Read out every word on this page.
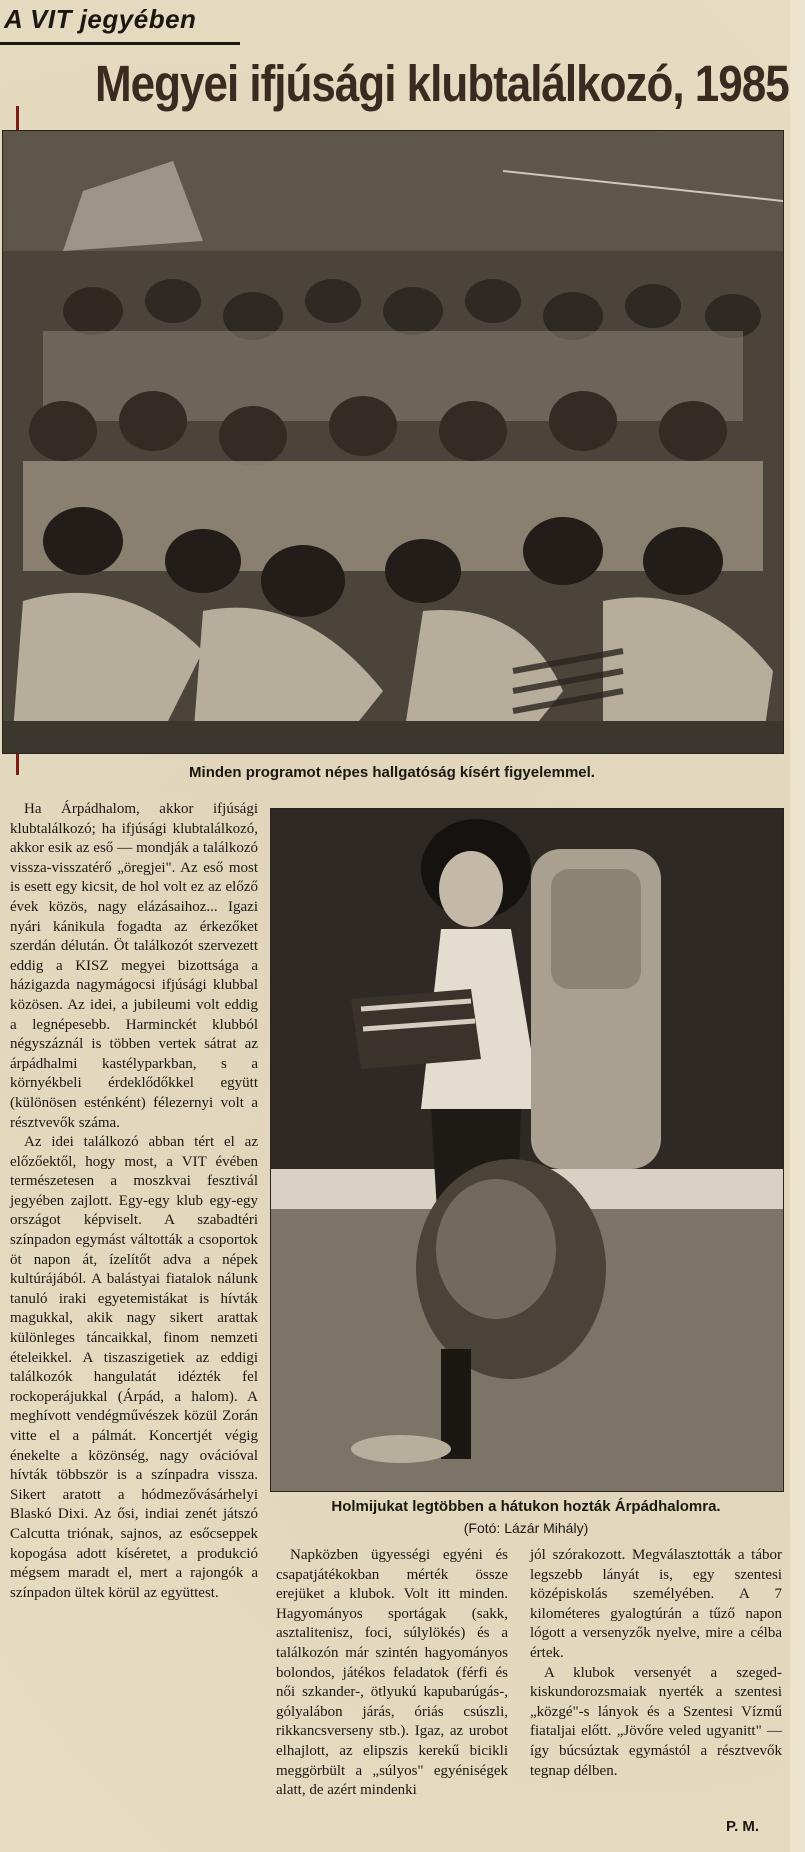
A VIT jegyében
Megyei ifjúsági klubtalálkozó, 1985
Minden programot népes hallgatóság kísért figyelemmel.

Ha Árpádhalom, akkor ifjúsági klubtalálkozó; ha ifjúsági klubtalálkozó, akkor esik az eső — mondják a találkozó vissza-visszatérő „öregjei". Az eső most is esett egy kicsit, de hol volt ez az előző évek közös, nagy elázásaihoz... Igazi nyári kánikula fogadta az érkezőket szerdán délután. Öt találkozót szervezett eddig a KISZ megyei bizottsága a házigazda nagymágocsi ifjúsági klubbal közösen. Az idei, a jubileumi volt eddig a legnépesebb. Harminckét klubból négyszáznál is többen vertek sátrat az árpádhalmi kastélyparkban, s a környékbeli érdeklődőkkel együtt (különösen esténként) félezernyi volt a résztvevők száma.

Az idei találkozó abban tért el az előzőektől, hogy most, a VIT évében természetesen a moszkvai fesztivál jegyében zajlott. Egy-egy klub egy-egy országot képviselt. A szabadtéri színpadon egymást váltották a csoportok öt napon át, ízelítőt adva a népek kultúrájából. A balástyai fiatalok nálunk tanuló iraki egyetemistákat is hívták magukkal, akik nagy sikert arattak különleges táncaikkal, finom nemzeti ételeikkel. A tiszaszigetiek az eddigi találkozók hangulatát idézték fel rockoperájukkal (Árpád, a halom). A meghívott vendégművészek közül Zorán vitte el a pálmát. Koncertjét végig énekelte a közönség, nagy ovációval hívták többször is a színpadra vissza. Sikert aratott a hódmezővásárhelyi Blaskó Dixi. Az ősi, indiai zenét játszó Calcutta triónak, sajnos, az esőcseppek kopogása adott kíséretet, a produkció mégsem maradt el, mert a rajongók a színpadon ültek körül az együttest.

Holmijukat legtöbben a hátukon hozták Árpádhalomra.
(Fotó: Lázár Mihály)

Napközben ügyességi egyéni és csapatjátékokban mérték össze erejüket a klubok. Volt itt minden. Hagyományos sportágak (sakk, asztalitenisz, foci, súlylökés) és a találkozón már szintén hagyományos bolondos, játékos feladatok (férfi és női szkander-, ötlyukú kapubarúgás-, gólyalábon járás, óriás csúszli, rikkancsverseny stb.). Igaz, az urobot elhajlott, az elipszis kerekű bicikli meggörbült a „súlyos" egyéniségek alatt, de azért mindenki

jól szórakozott. Megválasztották a tábor legszebb lányát is, egy szentesi középiskolás személyében. A 7 kilométeres gyalogtúrán a tűző napon lógott a versenyzők nyelve, mire a célba értek.

A klubok versenyét a szeged-kiskundorozsmaiak nyerték a szentesi „közgé"-s lányok és a Szentesi Vízmű fiataljai előtt. „Jövőre veled ugyanitt" — így búcsúztak egymástól a résztvevők tegnap délben.

P. M.
